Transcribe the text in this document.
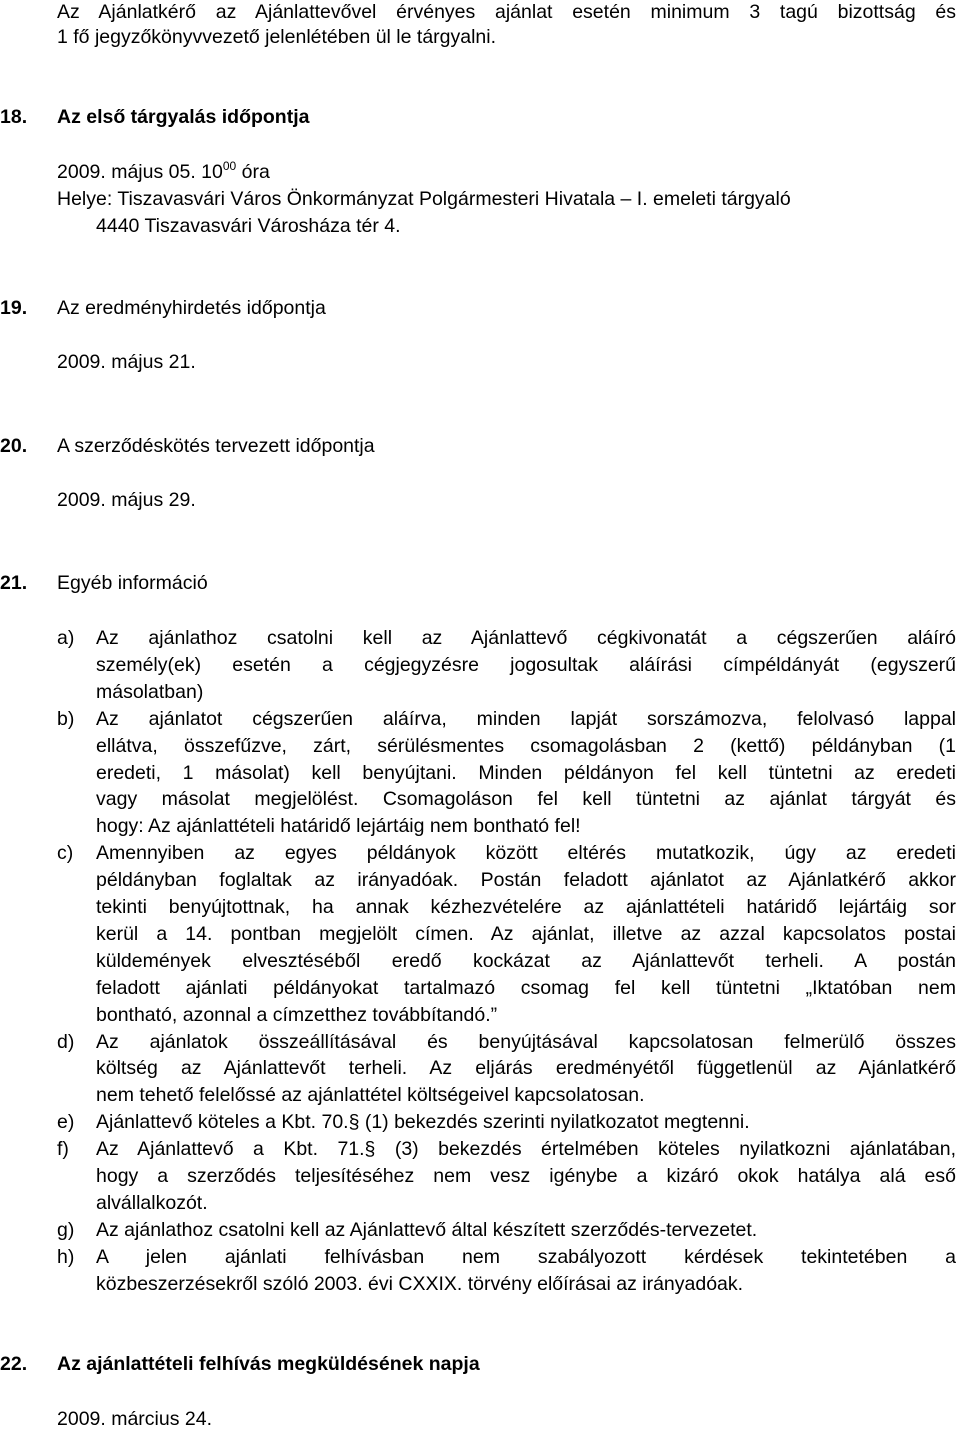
Az Ajánlatkérő az Ajánlattevővel érvényes ajánlat esetén minimum 3 tagú bizottság és
1 fő jegyzőkönyvvezető jelenlétében ül le tárgyalni.
18. Az első tárgyalás időpontja
2009. május 05. $10^{00}$ óra
Helye: Tiszavasvári Város Önkormányzat Polgármesteri Hivatala – I. emeleti tárgyaló
4440 Tiszavasvári Városháza tér 4.
19. Az eredményhirdetés időpontja
2009. május 21.
20. A szerződéskötés tervezett időpontja
2009. május 29.
21. Egyéb információ
a) Az ajánlathoz csatolni kell az Ajánlattevő cégkivonatát a cégszerűen aláíró
személy(ek) esetén a cégjegyzésre jogosultak aláírási címpéldányát (egyszerű
másolatban)
b) Az ajánlatot cégszerűen aláírva, minden lapját sorszámozva, felolvasó lappal
ellátva, összefűzve, zárt, sérülésmentes csomagolásban 2 (kettő) példányban (1
eredeti, 1 másolat) kell benyújtani. Minden példányon fel kell tüntetni az eredeti
vagy másolat megjelölést. Csomagoláson fel kell tüntetni az ajánlat tárgyát és
hogy: Az ajánlattételi határidő lejártáig nem bontható fel!
c) Amennyiben az egyes példányok között eltérés mutatkozik, úgy az eredeti
példányban foglaltak az irányadóak. Postán feladott ajánlatot az Ajánlatkérő akkor
tekinti benyújtottnak, ha annak kézhezvételére az ajánlattételi határidő lejártáig sor
kerül a 14. pontban megjelölt címen. Az ajánlat, illetve az azzal kapcsolatos postai
küldemények elvesztéséből eredő kockázat az Ajánlattevőt terheli. A postán
feladott ajánlati példányokat tartalmazó csomag fel kell tüntetni „Iktatóban nem
bontható, azonnal a címzetthez továbbítandó.”
d) Az ajánlatok összeállításával és benyújtásával kapcsolatosan felmerülő összes
költség az Ajánlattevőt terheli. Az eljárás eredményétől függetlenül az Ajánlatkérő
nem tehető felelőssé az ajánlattétel költségeivel kapcsolatosan.
e) Ajánlattevő köteles a Kbt. 70.§ (1) bekezdés szerinti nyilatkozatot megtenni.
f) Az Ajánlattevő a Kbt. 71.§ (3) bekezdés értelmében köteles nyilatkozni ajánlatában,
hogy a szerződés teljesítéséhez nem vesz igénybe a kizáró okok hatálya alá eső
alvállalkozót.
g) Az ajánlathoz csatolni kell az Ajánlattevő által készített szerződés-tervezetet.
h) A jelen ajánlati felhívásban nem szabályozott kérdések tekintetében a
közbeszerzésekről szóló 2003. évi CXXIX. törvény előírásai az irányadóak.
22. Az ajánlattételi felhívás megküldésének napja
2009. március 24.
